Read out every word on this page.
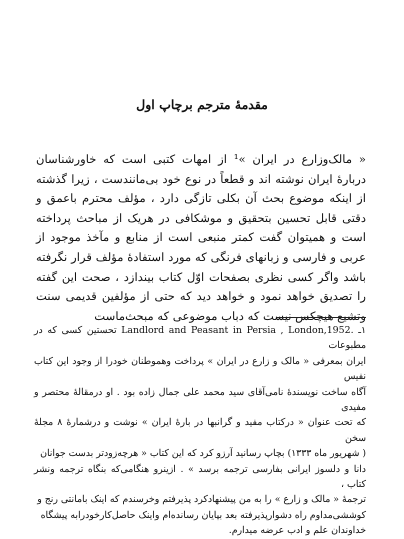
مقدمهٔ مترجم برچاپ اول

« مالک‌وزارع در ایران »¹ از امهات کتبی است که خاورشناسان دربارهٔ ایران نوشته اند و قطعاً در نوع خود بی‌مانندست ، زیرا گذشته از اینکه موضوع بحث آن بکلی تازگی دارد ، مؤلف محترم باعمق و دقتی قابل تحسین بتحقیق و موشکافی در هریک از مباحث پرداخته است و همیتوان گفت کمتر منبعی است از منابع و مآخذ موجود از عربی و فارسی و زبانهای فرنگی که مورد استفادهٔ مؤلف قرار نگرفته باشد واگر کسی نظری بصفحات اوّل کتاب بیندازد ، صحت این گفته را تصدیق خواهد نمود و خواهد دید که حتی از مؤلفین قدیمی سنت وتشیع هیچکس نیست که دباب موضوعی که مبحث‌ماست

۱ـ .Landlord and Peasant in Persia , London,1952 تحستین کسی که در مطبوعات

ایران بمعرفی « مالک و زارع در ایران » پرداخت وهموطنان خودرا از وجود این کتاب نفیس

آگاه ساخت نویسندهٔ نامی‌آقای سید محمد علی جمال زاده بود . او درمقالهٔ محتصر و مفیدی

که تحت عنوان « درکتاب مفید و گرانبها در بارهٔ ایران » نوشت و درشمارهٔ ۸ مجلهٔ سخن

( شهریور ماه ۱۳۳۳) بچاپ رسانید آرزو کرد که این کتاب « هرچه‌زودتر بدست جوانان

دانا و دلسوز ایرانی بفارسی ترجمه برسد » . ازینرو هنگامی‌که بنگاه ترجمه ونشر کتاب ،

ترجمهٔ « مالک و زارع » را به من پیشنهادکرد پذیرفتم وخرسندم که اینک بامانتی رنج و

کوششی‌مداوم راه دشوارپذیرفته بعد بپایان رسانده‌ام واینک حاصل‌کارخودرابه پیشگاه

خداوندان علم و ادب عرضه میدارم.
